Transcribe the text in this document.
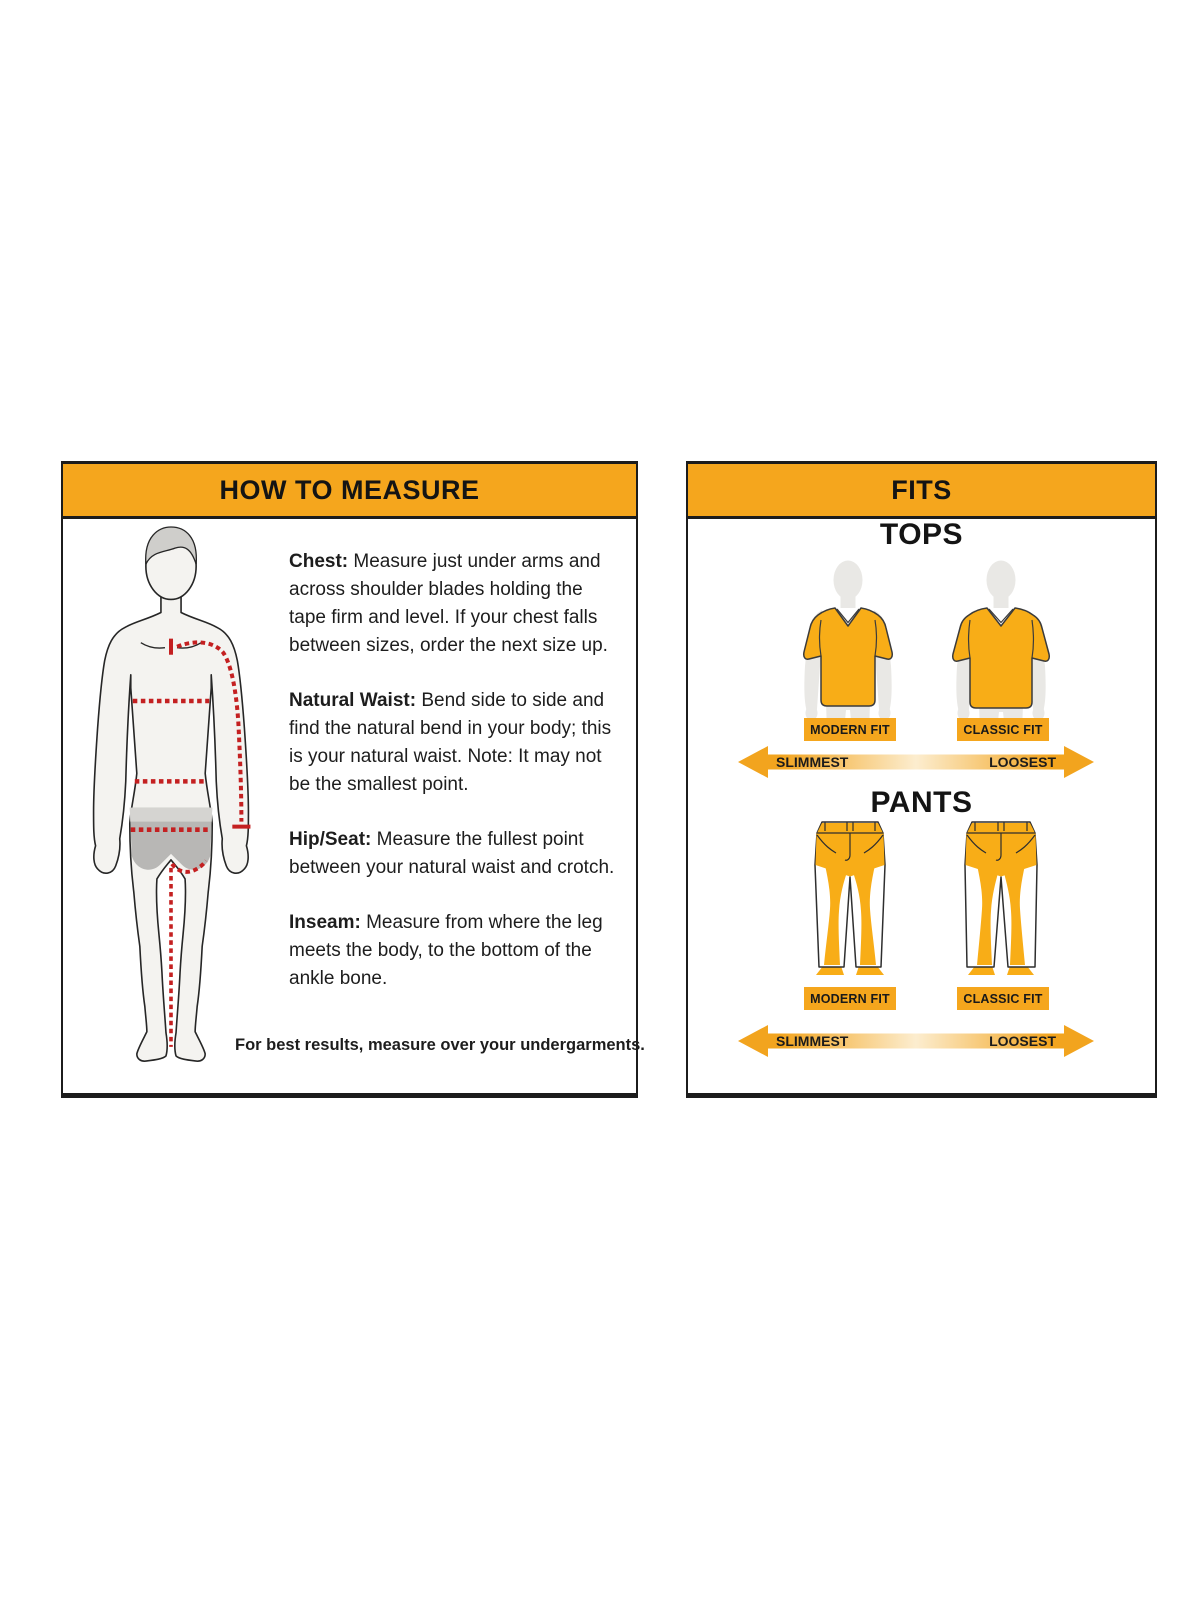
HOW TO MEASURE

Chest: Measure just under arms and across shoulder blades holding the tape firm and level. If your chest falls between sizes, order the next size up.

Natural Waist: Bend side to side and find the natural bend in your body; this is your natural waist. Note: It may not be the smallest point.

Hip/Seat: Measure the fullest point between your natural waist and crotch.

Inseam: Measure from where the leg meets the body, to the bottom of the ankle bone.

For best results, measure over your undergarments.
FITS
TOPS
MODERN FIT	CLASSIC FIT
SLIMMEST	LOOSEST
PANTS
MODERN FIT	CLASSIC FIT
SLIMMEST	LOOSEST
